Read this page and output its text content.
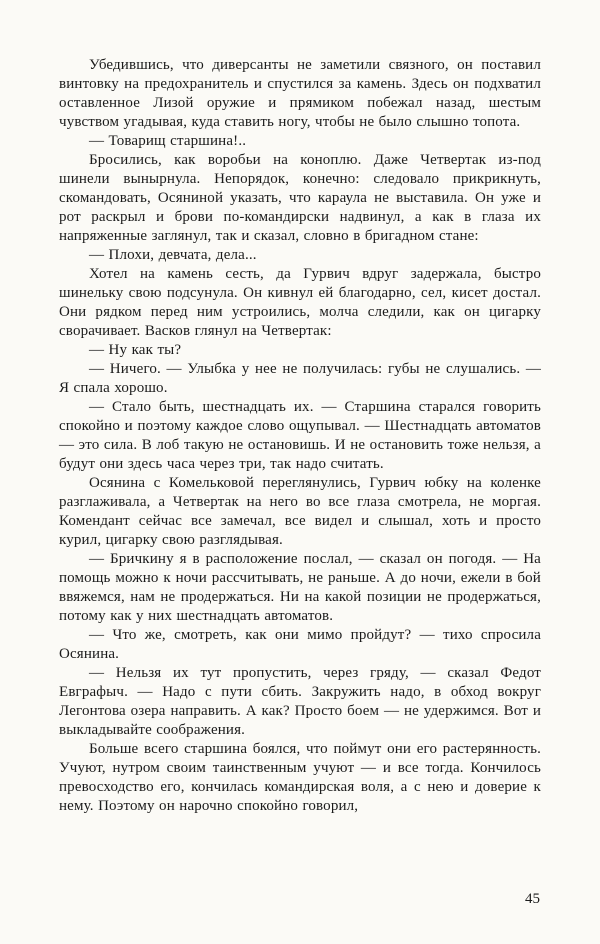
Убедившись, что диверсанты не заметили связного, он поставил винтовку на предохранитель и спустился за камень. Здесь он подхватил оставленное Лизой оружие и прямиком побежал назад, шестым чувством угадывая, куда ставить ногу, чтобы не было слышно топота.

— Товарищ старшина!..

Бросились, как воробьи на коноплю. Даже Четвертак из-под шинели вынырнула. Непорядок, конечно: следовало прикрикнуть, скомандовать, Осяниной указать, что караула не выставила. Он уже и рот раскрыл и брови по-командирски надвинул, а как в глаза их напряженные заглянул, так и сказал, словно в бригадном стане:

— Плохи, девчата, дела...

Хотел на камень сесть, да Гурвич вдруг задержала, быстро шинельку свою подсунула. Он кивнул ей благодарно, сел, кисет достал. Они рядком перед ним устроились, молча следили, как он цигарку сворачивает. Васков глянул на Четвертак:

— Ну как ты?

— Ничего. — Улыбка у нее не получилась: губы не слушались. — Я спала хорошо.

— Стало быть, шестнадцать их. — Старшина старался говорить спокойно и поэтому каждое слово ощупывал. — Шестнадцать автоматов — это сила. В лоб такую не остановишь. И не остановить тоже нельзя, а будут они здесь часа через три, так надо считать.

Осянина с Комельковой переглянулись, Гурвич юбку на коленке разглаживала, а Четвертак на него во все глаза смотрела, не моргая. Комендант сейчас все замечал, все видел и слышал, хоть и просто курил, цигарку свою разглядывая.

— Бричкину я в расположение послал, — сказал он погодя. — На помощь можно к ночи рассчитывать, не раньше. А до ночи, ежели в бой ввяжемся, нам не продержаться. Ни на какой позиции не продержаться, потому как у них шестнадцать автоматов.

— Что же, смотреть, как они мимо пройдут? — тихо спросила Осянина.

— Нельзя их тут пропустить, через гряду, — сказал Федот Евграфыч. — Надо с пути сбить. Закружить надо, в обход вокруг Легонтова озера направить. А как? Просто боем — не удержимся. Вот и выкладывайте соображения.

Больше всего старшина боялся, что поймут они его растерянность. Учуют, нутром своим таинственным учуют — и все тогда. Кончилось превосходство его, кончилась командирская воля, а с нею и доверие к нему. Поэтому он нарочно спокойно говорил,

45
